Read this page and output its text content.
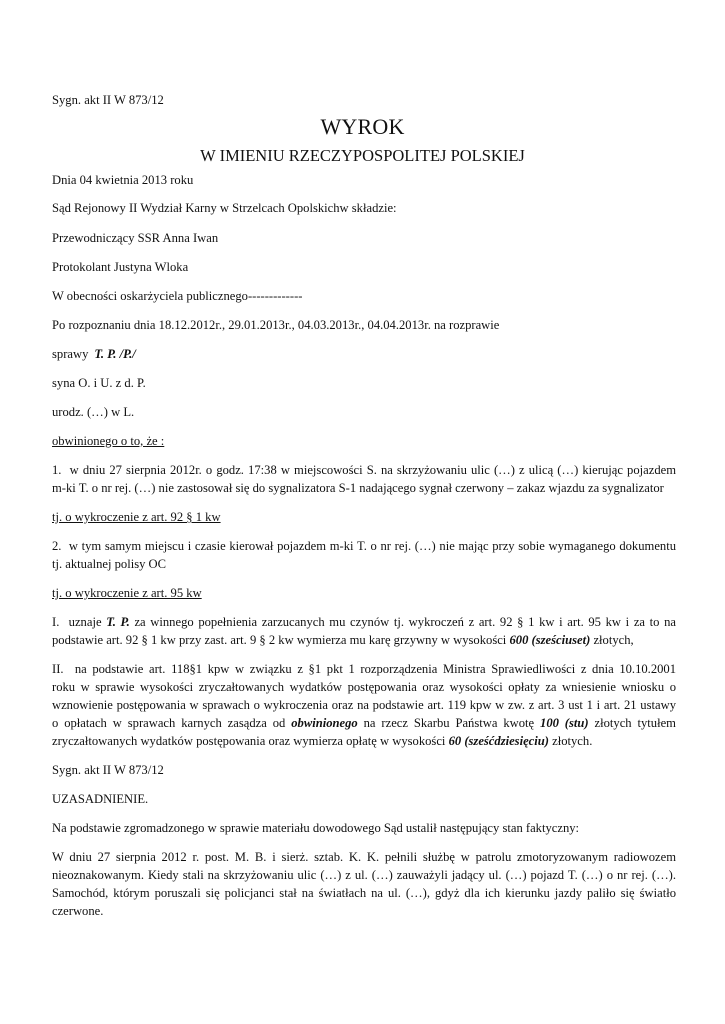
Sygn. akt II W 873/12

WYROK
W IMIENIU RZECZYPOSPOLITEJ POLSKIEJ

Dnia 04 kwietnia 2013 roku

Sąd Rejonowy II Wydział Karny w Strzelcach Opolskichw składzie:

Przewodniczący SSR Anna Iwan

Protokolant Justyna Wloka

W obecności oskarżyciela publicznego-------------

Po rozpoznaniu dnia 18.12.2012r., 29.01.2013r., 04.03.2013r., 04.04.2013r. na rozprawie

sprawy T. P. /P./

syna O. i U. z d. P.

urodz. (…) w L.

obwinionego o to, że :

1. w dniu 27 sierpnia 2012r. o godz. 17:38 w miejscowości S. na skrzyżowaniu ulic (…) z ulicą (…) kierując pojazdem

m-ki T. o nr rej. (…) nie zastosował się do sygnalizatora S-1 nadającego sygnał czerwony – zakaz wjazdu za sygnalizator

tj. o wykroczenie z art. 92 § 1 kw

2. w tym samym miejscu i czasie kierował pojazdem m-ki T. o nr rej. (…) nie mając przy sobie wymaganego dokumentu

tj. aktualnej polisy OC

tj. o wykroczenie z art. 95 kw

I. uznaje T. P. za winnego popełnienia zarzucanych mu czynów tj. wykroczeń z art. 92 § 1 kw i art. 95 kw i za to na

podstawie art. 92 § 1 kw przy zast. art. 9 § 2 kw wymierza mu karę grzywny w wysokości 600 (sześciuset) złotych,

II. na podstawie art. 118§1 kpw w związku z §1 pkt 1 rozporządzenia Ministra Sprawiedliwości z dnia 10.10.2001

roku w sprawie wysokości zryczałtowanych wydatków postępowania oraz wysokości opłaty za wniesienie wniosku o

wznowienie postępowania w sprawach o wykroczenia oraz na podstawie art. 119 kpw w zw. z art. 3 ust 1 i art. 21 ustawy

o opłatach w sprawach karnych zasądza od obwinionego na rzecz Skarbu Państwa kwotę 100 (stu) złotych tytułem

zryczałtowanych wydatków postępowania oraz wymierza opłatę w wysokości 60 (sześćdziesięciu) złotych.

Sygn. akt II W 873/12

UZASADNIENIE.

Na podstawie zgromadzonego w sprawie materiału dowodowego Sąd ustalił następujący stan faktyczny:

W dniu 27 sierpnia 2012 r. post. M. B. i sierż. sztab. K. K. pełnili służbę w patrolu zmotoryzowanym radiowozem

nieoznakowanym. Kiedy stali na skrzyżowaniu ulic (…) z ul. (…) zauważyli jadący ul. (…) pojazd T. (…) o nr rej. (…).

Samochód, którym poruszali się policjanci stał na światłach na ul. (…), gdyż dla ich kierunku jazdy paliło się światło

czerwone.
